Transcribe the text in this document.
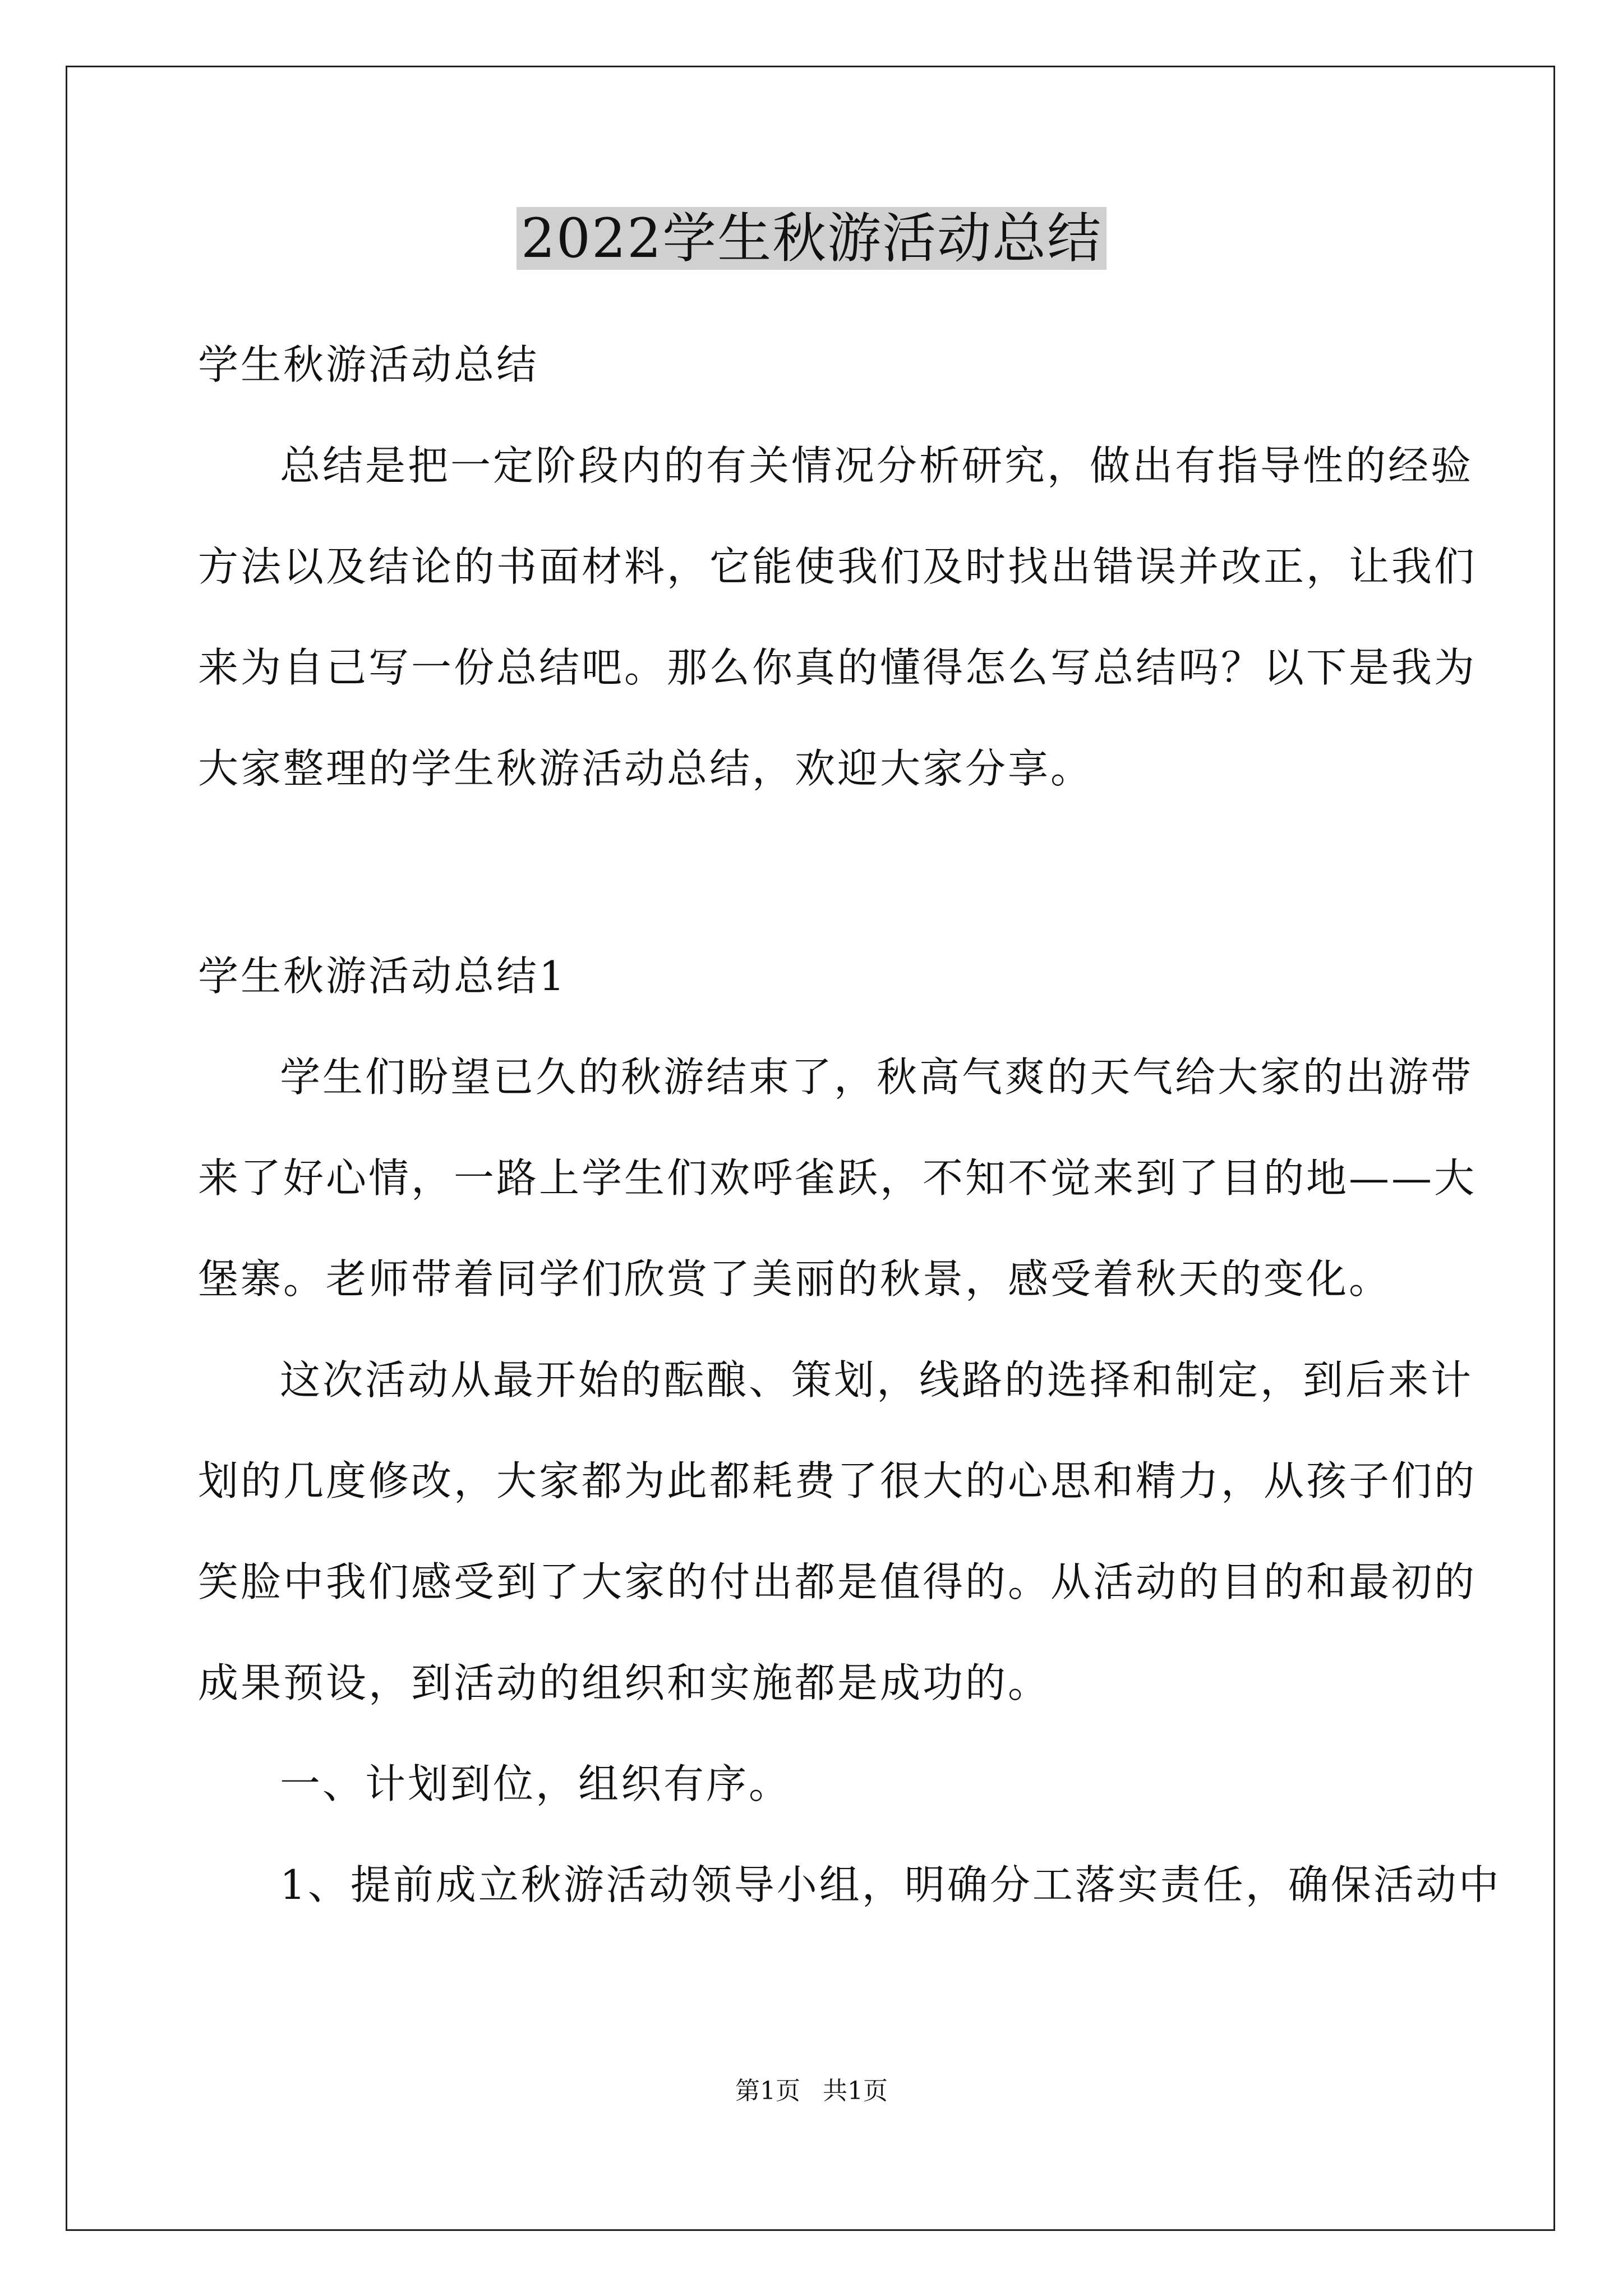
2022学生秋游活动总结
学生秋游活动总结
总结是把一定阶段内的有关情况分析研究，做出有指导性的经验
方法以及结论的书面材料，它能使我们及时找出错误并改正，让我们
来为自己写一份总结吧。那么你真的懂得怎么写总结吗？以下是我为
大家整理的学生秋游活动总结，欢迎大家分享。
学生秋游活动总结1
学生们盼望已久的秋游结束了，秋高气爽的天气给大家的出游带
来了好心情，一路上学生们欢呼雀跃，不知不觉来到了目的地——大
堡寨。老师带着同学们欣赏了美丽的秋景，感受着秋天的变化。
这次活动从最开始的酝酿、策划，线路的选择和制定，到后来计
划的几度修改，大家都为此都耗费了很大的心思和精力，从孩子们的
笑脸中我们感受到了大家的付出都是值得的。从活动的目的和最初的
成果预设，到活动的组织和实施都是成功的。
一、计划到位，组织有序。
1、提前成立秋游活动领导小组，明确分工落实责任，确保活动中
第1页 共1页
